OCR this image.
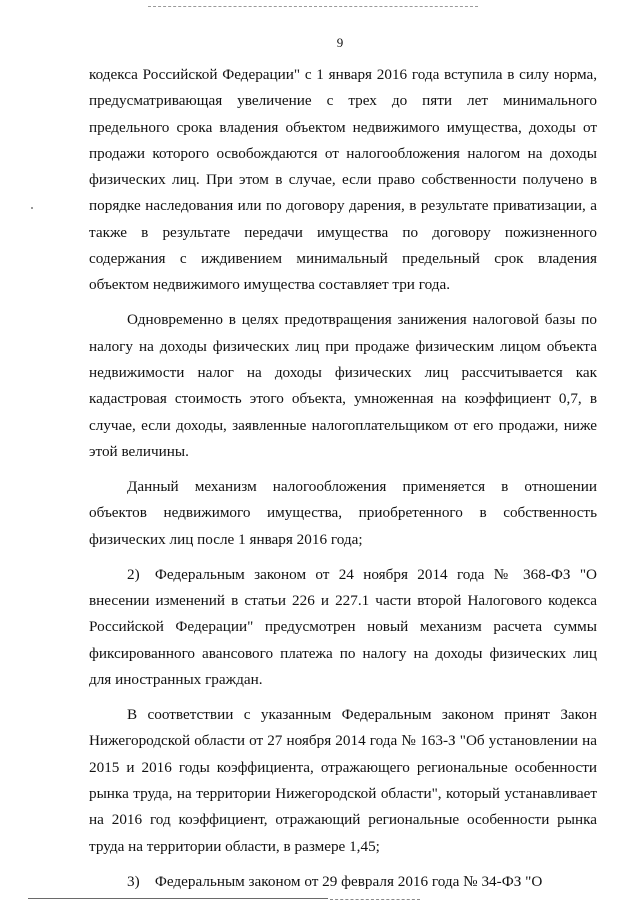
9

кодекса Российской Федерации" с 1 января 2016 года вступила в силу норма, предусматривающая увеличение с трех до пяти лет минимального предельного срока владения объектом недвижимого имущества, доходы от продажи которого освобождаются от налогообложения налогом на доходы физических лиц. При этом в случае, если право собственности получено в порядке наследования или по договору дарения, в результате приватизации, а также в результате передачи имущества по договору пожизненного содержания с иждивением минимальный предельный срок владения объектом недвижимого имущества составляет три года.

Одновременно в целях предотвращения занижения налоговой базы по налогу на доходы физических лиц при продаже физическим лицом объекта недвижимости налог на доходы физических лиц рассчитывается как кадастровая стоимость этого объекта, умноженная на коэффициент 0,7, в случае, если доходы, заявленные налогоплательщиком от его продажи, ниже этой величины.

Данный механизм налогообложения применяется в отношении объектов недвижимого имущества, приобретенного в собственность физических лиц после 1 января 2016 года;

2) Федеральным законом от 24 ноября 2014 года № 368-ФЗ "О внесении изменений в статьи 226 и 227.1 части второй Налогового кодекса Российской Федерации" предусмотрен новый механизм расчета суммы фиксированного авансового платежа по налогу на доходы физических лиц для иностранных граждан.

В соответствии с указанным Федеральным законом принят Закон Нижегородской области от 27 ноября 2014 года № 163-З "Об установлении на 2015 и 2016 годы коэффициента, отражающего региональные особенности рынка труда, на территории Нижегородской области", который устанавливает на 2016 год коэффициент, отражающий региональные особенности рынка труда на территории области, в размере 1,45;

3) Федеральным законом от 29 февраля 2016 года № 34-ФЗ "О
